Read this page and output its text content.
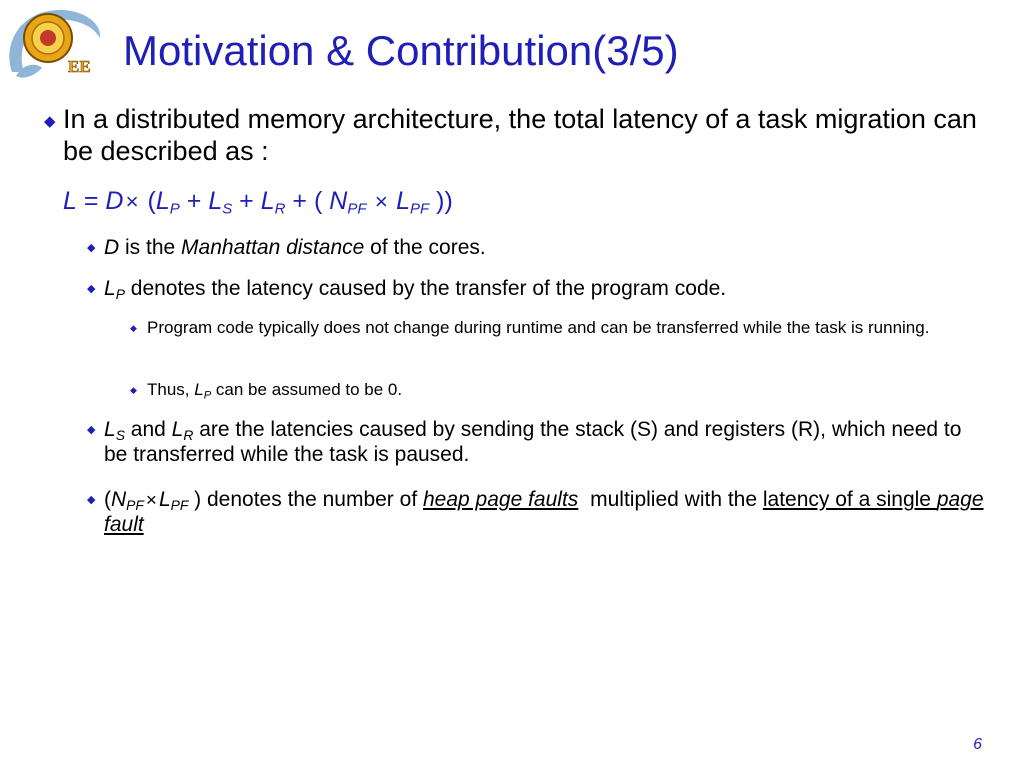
EE Motivation & Contribution(3/5)
◆ In a distributed memory architecture, the total latency of a task migration can be described as :
$L = D\times (L_P + L_S + L_R$ + ( $N_{PF} \times L_{PF}$ ))
◆ D is the Manhattan distance of the cores.
◆ $L_P$ denotes the latency caused by the transfer of the program code.
◆ Program code typically does not change during runtime and can be transferred while the task is running.
◆ Thus, $L_P$ can be assumed to be 0.
◆ $L_S$ and $L_R$ are the latencies caused by sending the stack (S) and registers (R), which need to be transferred while the task is paused.
◆ ($N_{PF} \times L_{PF}$ ) denotes the number of heap page faults multiplied with the latency of a single page fault
6
